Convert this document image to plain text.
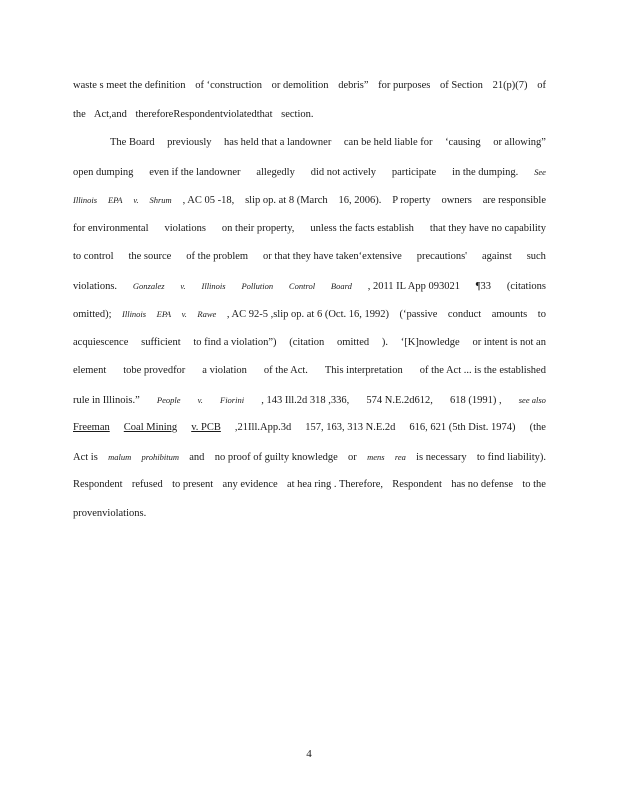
waste s meet the definition of ‘construction or demolition debris” for purposes of Section 21(p)(7) of
the Act, and therefore Respondent violated that section.
The Board previously has held that a landowner can be held liable for ‘causing or allowing”
open dumping even if the landowner allegedly did not actively participate in the dumping. See
Illinois EPA v. Shrum , AC 05 -18, slip op. at 8 (March 16, 2006). P roperty owners are responsible
for environmental violations on their property, unless the facts establish that they have no capability
to control the source of the problem or that they have taken‘extensive precautions' against such
violations. Gonzalez v. Illinois Pollution Control Board , 2011 IL App 093021 ¶33 (citations
omitted); Illinois EPA v. Rawe , AC 92-5 ,slip op. at 6 (Oct. 16, 1992) (‘passive conduct amounts to
acquiescence sufficient to find a violation”) (citation omitted ). ‘[K]nowledge or intent is not an
element tobe provedfor a violation of the Act. This interpretation of the Act ... is the established
rule in Illinois.” People v. Fiorini , 143 Ill.2d 318 ,336, 574 N.E.2d612, 618 (1991) , see also
Freeman Coal Mining v. PCB ,21Ill.App.3d 157, 163, 313 N.E.2d 616, 621 (5th Dist. 1974) (the
Act is malum prohibitum and no proof of guilty knowledge or mens rea is necessary to find liability).
Respondent refused to present any evidence at hea ring . Therefore, Respondent has no defense to the
proven violations.
4
